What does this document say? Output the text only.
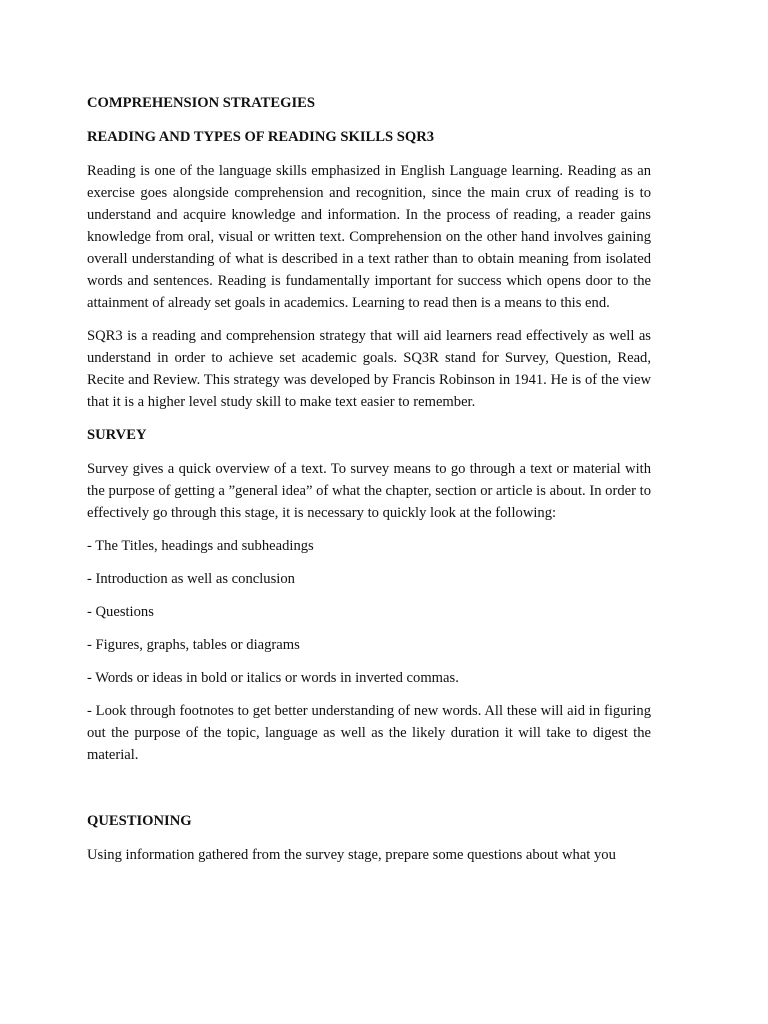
COMPREHENSION STRATEGIES

READING AND TYPES OF READING SKILLS SQR3

Reading is one of the language skills emphasized in English Language learning. Reading as an exercise goes alongside comprehension and recognition, since the main crux of reading is to understand and acquire knowledge and information. In the process of reading, a reader gains knowledge from oral, visual or written text. Comprehension on the other hand involves gaining overall understanding of what is described in a text rather than to obtain meaning from isolated words and sentences. Reading is fundamentally important for success which opens door to the attainment of already set goals in academics. Learning to read then is a means to this end.

SQR3 is a reading and comprehension strategy that will aid learners read effectively as well as understand in order to achieve set academic goals. SQ3R stand for Survey, Question, Read, Recite and Review. This strategy was developed by Francis Robinson in 1941. He is of the view that it is a higher level study skill to make text easier to remember.

SURVEY

Survey gives a quick overview of a text. To survey means to go through a text or material with the purpose of getting a ”general idea” of what the chapter, section or article is about. In order to effectively go through this stage, it is necessary to quickly look at the following:

- The Titles, headings and subheadings

- Introduction as well as conclusion

- Questions

- Figures, graphs, tables or diagrams

- Words or ideas in bold or italics or words in inverted commas.

- Look through footnotes to get better understanding of new words. All these will aid in figuring out the purpose of the topic, language as well as the likely duration it will take to digest the material.

QUESTIONING

Using information gathered from the survey stage, prepare some questions about what you
